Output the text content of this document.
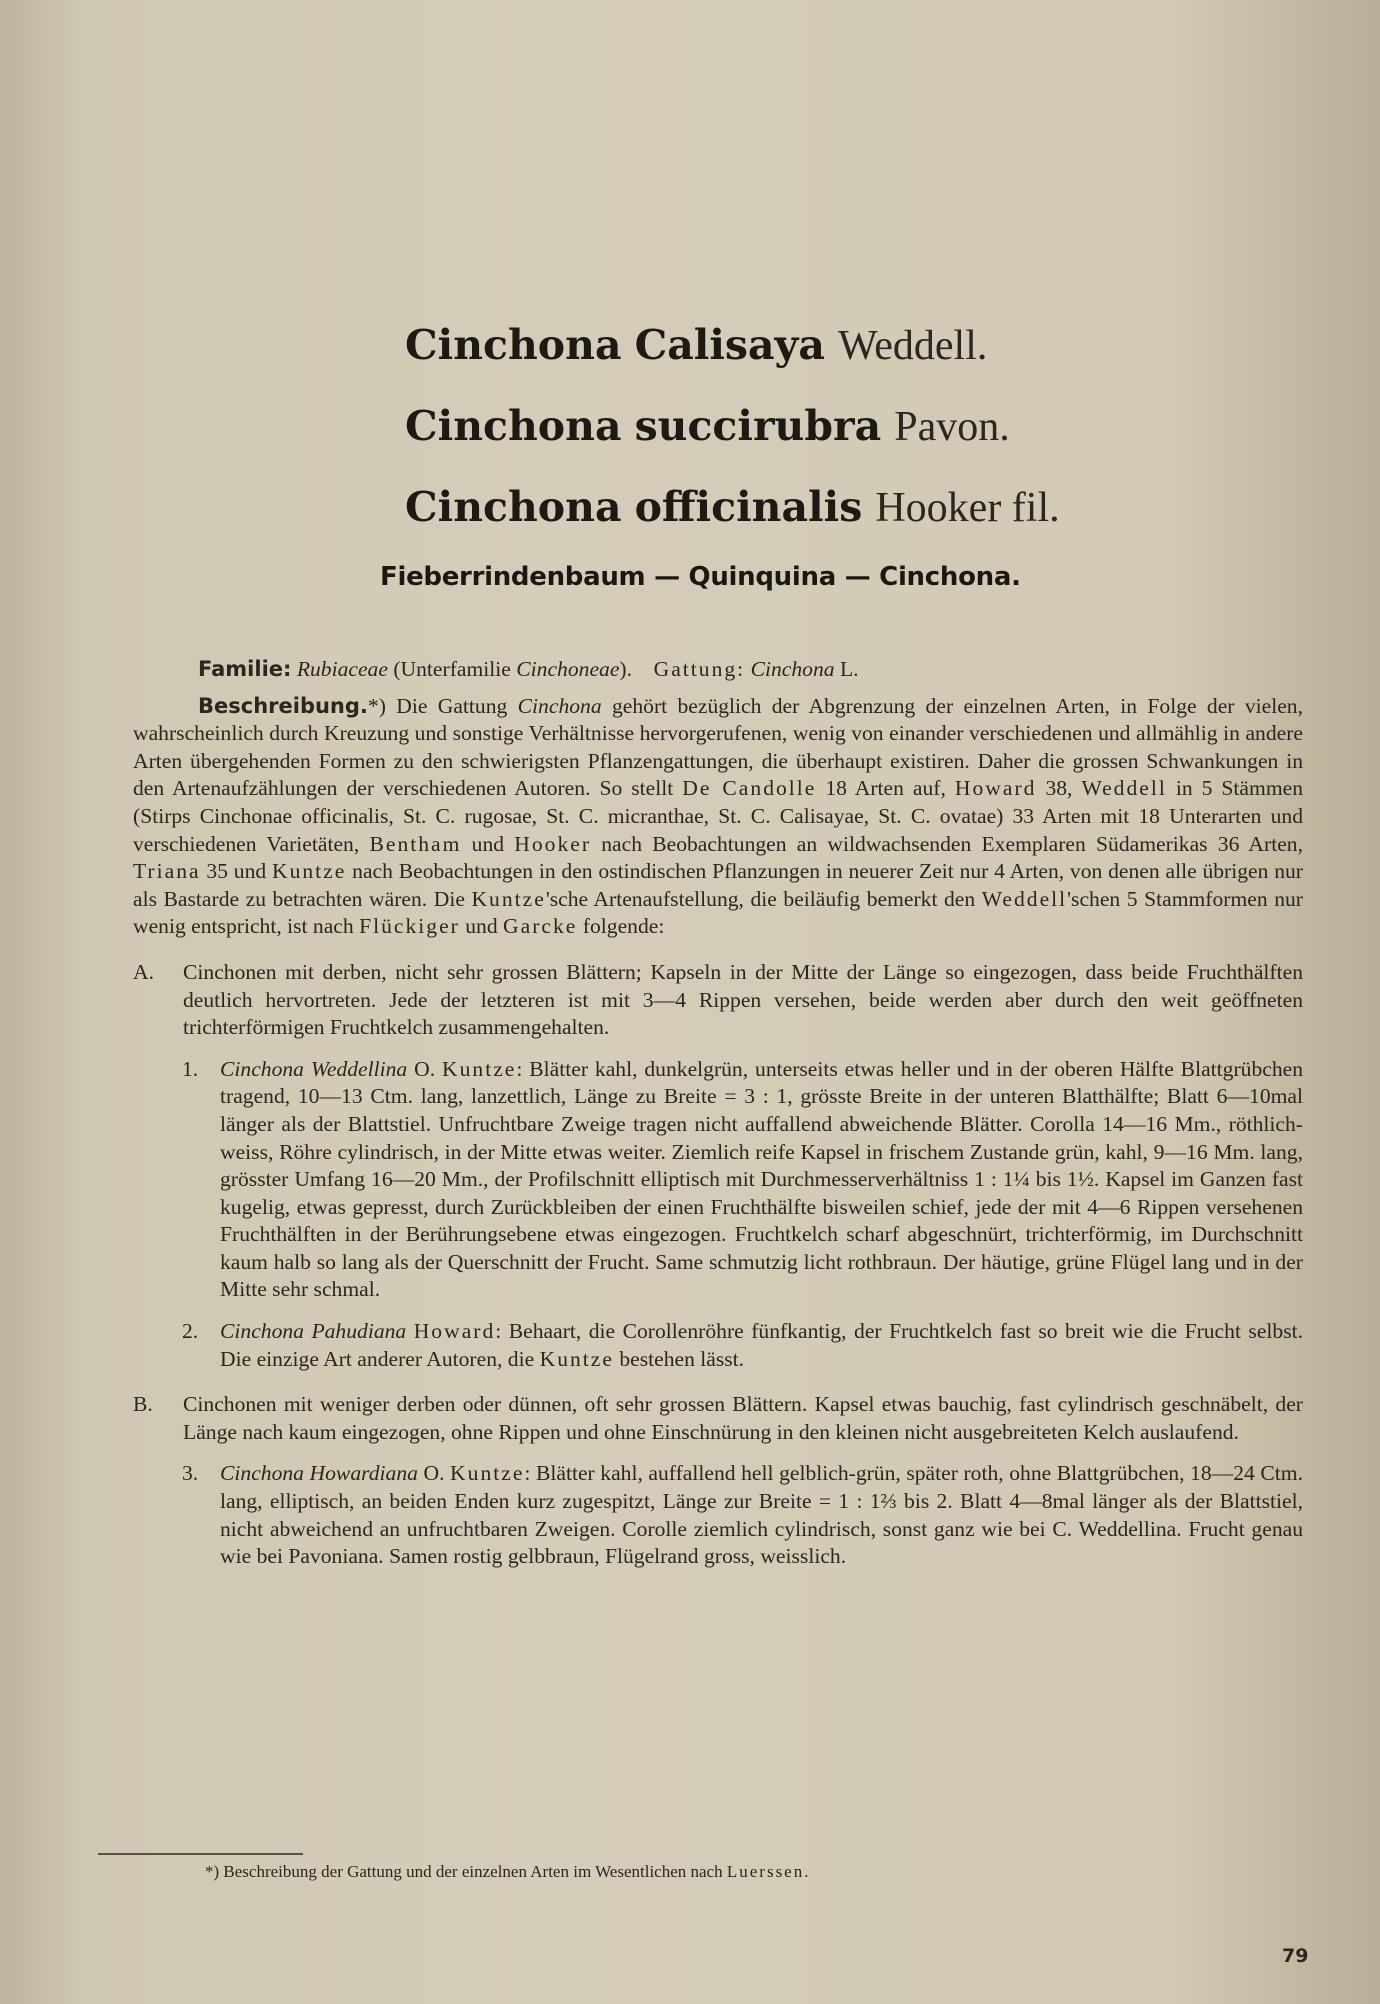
Cinchona Calisaya Weddell.
Cinchona succirubra Pavon.
Cinchona officinalis Hooker fil.
Fieberrindenbaum — Quinquina — Cinchona.

Familie: Rubiaceae (Unterfamilie Cinchoneae). Gattung: Cinchona L.

Beschreibung.*) Die Gattung Cinchona gehört bezüglich der Abgrenzung der einzelnen Arten, in Folge der vielen, wahrscheinlich durch Kreuzung und sonstige Verhältnisse hervorgerufenen, wenig von einander verschiedenen und allmählig in andere Arten übergehenden Formen zu den schwierigsten Pflanzengattungen, die überhaupt existiren. Daher die grossen Schwankungen in den Artenaufzählungen der verschiedenen Autoren. So stellt De Candolle 18 Arten auf, Howard 38, Weddell in 5 Stämmen (Stirps Cinchonae officinalis, St. C. rugosae, St. C. micranthae, St. C. Calisayae, St. C. ovatae) 33 Arten mit 18 Unterarten und verschiedenen Varietäten, Bentham und Hooker nach Beobachtungen an wildwachsenden Exemplaren Südamerikas 36 Arten, Triana 35 und Kuntze nach Beobachtungen in den ostindischen Pflanzungen in neuerer Zeit nur 4 Arten, von denen alle übrigen nur als Bastarde zu betrachten wären. Die Kuntze'sche Artenaufstellung, die beiläufig bemerkt den Weddell'schen 5 Stammformen nur wenig entspricht, ist nach Flückiger und Garcke folgende:

A. Cinchonen mit derben, nicht sehr grossen Blättern; Kapseln in der Mitte der Länge so eingezogen, dass beide Fruchthälften deutlich hervortreten. Jede der letzteren ist mit 3—4 Rippen versehen, beide werden aber durch den weit geöffneten trichterförmigen Fruchtkelch zusammengehalten.

1. Cinchona Weddellina O. Kuntze: Blätter kahl, dunkelgrün, unterseits etwas heller und in der oberen Hälfte Blattgrübchen tragend, 10—13 Ctm. lang, lanzettlich, Länge zu Breite = 3 : 1, grösste Breite in der unteren Blatthälfte; Blatt 6—10mal länger als der Blattstiel. Unfruchtbare Zweige tragen nicht auffallend abweichende Blätter. Corolla 14—16 Mm., röthlich-weiss, Röhre cylindrisch, in der Mitte etwas weiter. Ziemlich reife Kapsel in frischem Zustande grün, kahl, 9—16 Mm. lang, grösster Umfang 16—20 Mm., der Profilschnitt elliptisch mit Durchmesserverhältniss 1 : 1¼ bis 1½. Kapsel im Ganzen fast kugelig, etwas gepresst, durch Zurückbleiben der einen Fruchthälfte bisweilen schief, jede der mit 4—6 Rippen versehenen Fruchthälften in der Berührungsebene etwas eingezogen. Fruchtkelch scharf abgeschnürt, trichterförmig, im Durchschnitt kaum halb so lang als der Querschnitt der Frucht. Same schmutzig licht rothbraun. Der häutige, grüne Flügel lang und in der Mitte sehr schmal.

2. Cinchona Pahudiana Howard: Behaart, die Corollenröhre fünfkantig, der Fruchtkelch fast so breit wie die Frucht selbst. Die einzige Art anderer Autoren, die Kuntze bestehen lässt.

B. Cinchonen mit weniger derben oder dünnen, oft sehr grossen Blättern. Kapsel etwas bauchig, fast cylindrisch geschnäbelt, der Länge nach kaum eingezogen, ohne Rippen und ohne Einschnürung in den kleinen nicht ausgebreiteten Kelch auslaufend.

3. Cinchona Howardiana O. Kuntze: Blätter kahl, auffallend hell gelblich-grün, später roth, ohne Blattgrübchen, 18—24 Ctm. lang, elliptisch, an beiden Enden kurz zugespitzt, Länge zur Breite = 1 : 1⅔ bis 2. Blatt 4—8mal länger als der Blattstiel, nicht abweichend an unfruchtbaren Zweigen. Corolle ziemlich cylindrisch, sonst ganz wie bei C. Weddellina. Frucht genau wie bei Pavoniana. Samen rostig gelbbraun, Flügelrand gross, weisslich.

*) Beschreibung der Gattung und der einzelnen Arten im Wesentlichen nach Luerssen.
79
